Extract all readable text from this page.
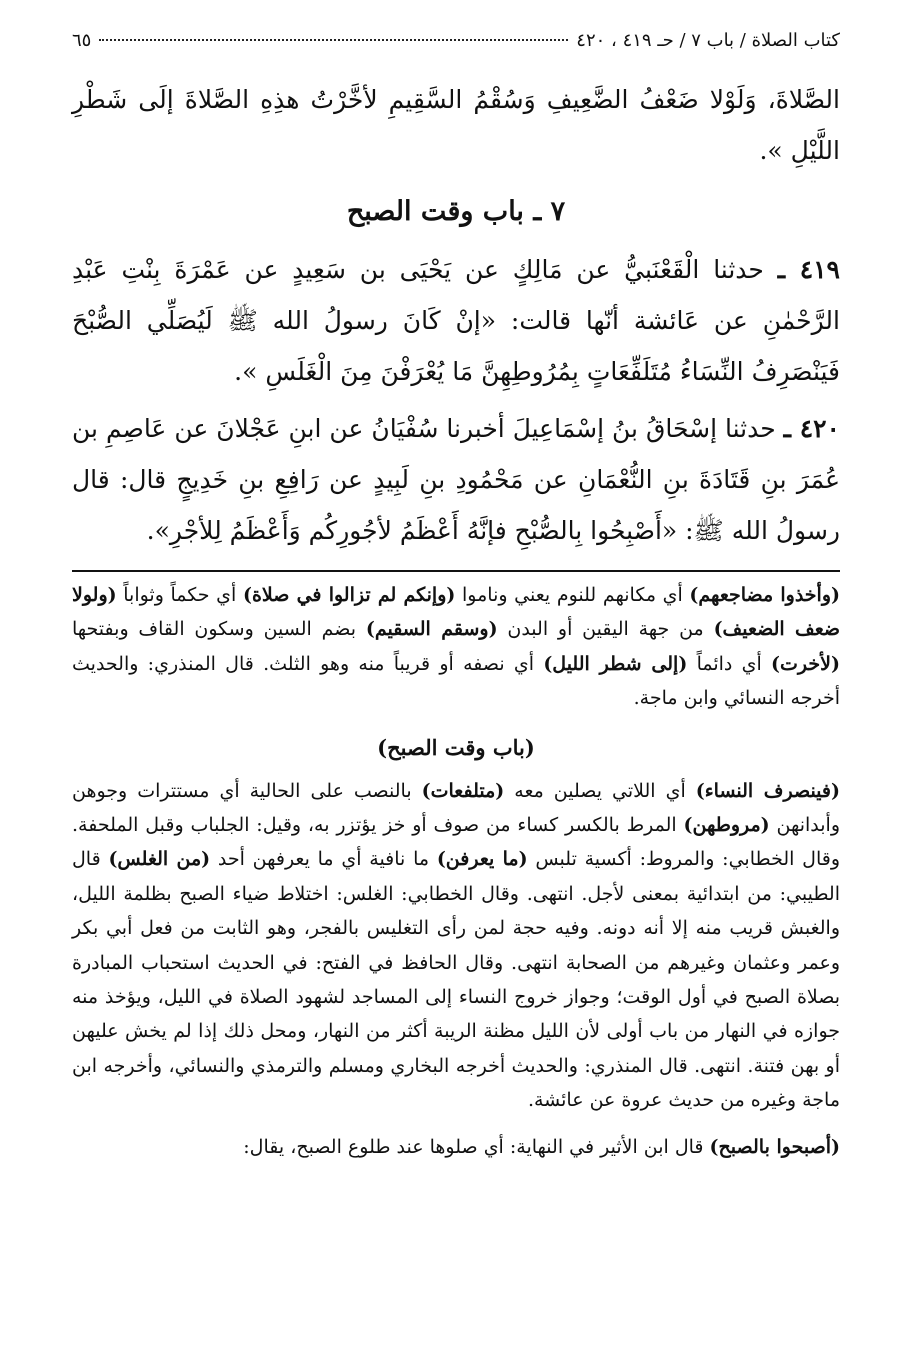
كتاب الصلاة / باب ٧ / حـ ٤١٩ ، ٤٢٠
٦٥

الصَّلاةَ، وَلَوْلا ضَعْفُ الضَّعِيفِ وَسُقْمُ السَّقِيمِ لأخَّرْتُ هذِهِ الصَّلاةَ إلَى شَطْرِ اللَّيْلِ ».

٧ ـ باب وقت الصبح

٤١٩ ـ حدثنا الْقَعْنَبيُّ عن مَالِكٍ عن يَحْيَى بن سَعِيدٍ عن عَمْرَةَ بِنْتِ عَبْدِ الرَّحْمٰنِ عن عَائشة أنّها قالت: «إنْ كَانَ رسولُ الله ﷺ لَيُصَلِّي الصُّبْحَ فَيَنْصَرِفُ النِّسَاءُ مُتَلَفِّعَاتٍ بِمُرُوطِهِنَّ مَا يُعْرَفْنَ مِنَ الْغَلَسِ ».

٤٢٠ ـ حدثنا إسْحَاقُ بنُ إسْمَاعِيلَ أخبرنا سُفْيَانُ عن ابنِ عَجْلانَ عن عَاصِمِ بن عُمَرَ بنِ قَتَادَةَ بنِ النُّعْمَانِ عن مَحْمُودِ بنِ لَبِيدٍ عن رَافِعِ بنِ خَدِيجٍ قال: قال رسولُ الله ﷺ: «أَصْبِحُوا بِالصُّبْحِ فإنَّهُ أَعْظَمُ لأجُورِكُم وَأَعْظَمُ لِلأجْرِ».

(وأخذوا مضاجعهم) أي مكانهم للنوم يعني وناموا (وإنكم لم تزالوا في صلاة) أي حكماً وثواباً (ولولا ضعف الضعيف) من جهة اليقين أو البدن (وسقم السقيم) بضم السين وسكون القاف وبفتحها (لأخرت) أي دائماً (إلى شطر الليل) أي نصفه أو قريباً منه وهو الثلث. قال المنذري: والحديث أخرجه النسائي وابن ماجة.

(باب وقت الصبح)

(فينصرف النساء) أي اللاتي يصلين معه (متلفعات) بالنصب على الحالية أي مستترات وجوهن وأبدانهن (مروطهن) المرط بالكسر كساء من صوف أو خز يؤتزر به، وقيل: الجلباب وقبل الملحفة. وقال الخطابي: والمروط: أكسية تلبس (ما يعرفن) ما نافية أي ما يعرفهن أحد (من الغلس) قال الطيبي: من ابتدائية بمعنى لأجل. انتهى. وقال الخطابي: الغلس: اختلاط ضياء الصبح بظلمة الليل، والغبش قريب منه إلا أنه دونه. وفيه حجة لمن رأى التغليس بالفجر، وهو الثابت من فعل أبي بكر وعمر وعثمان وغيرهم من الصحابة انتهى. وقال الحافظ في الفتح: في الحديث استحباب المبادرة بصلاة الصبح في أول الوقت؛ وجواز خروج النساء إلى المساجد لشهود الصلاة في الليل، ويؤخذ منه جوازه في النهار من باب أولى لأن الليل مظنة الريبة أكثر من النهار، ومحل ذلك إذا لم يخش عليهن أو بهن فتنة. انتهى. قال المنذري: والحديث أخرجه البخاري ومسلم والترمذي والنسائي، وأخرجه ابن ماجة وغيره من حديث عروة عن عائشة.

(أصبحوا بالصبح) قال ابن الأثير في النهاية: أي صلوها عند طلوع الصبح، يقال:
